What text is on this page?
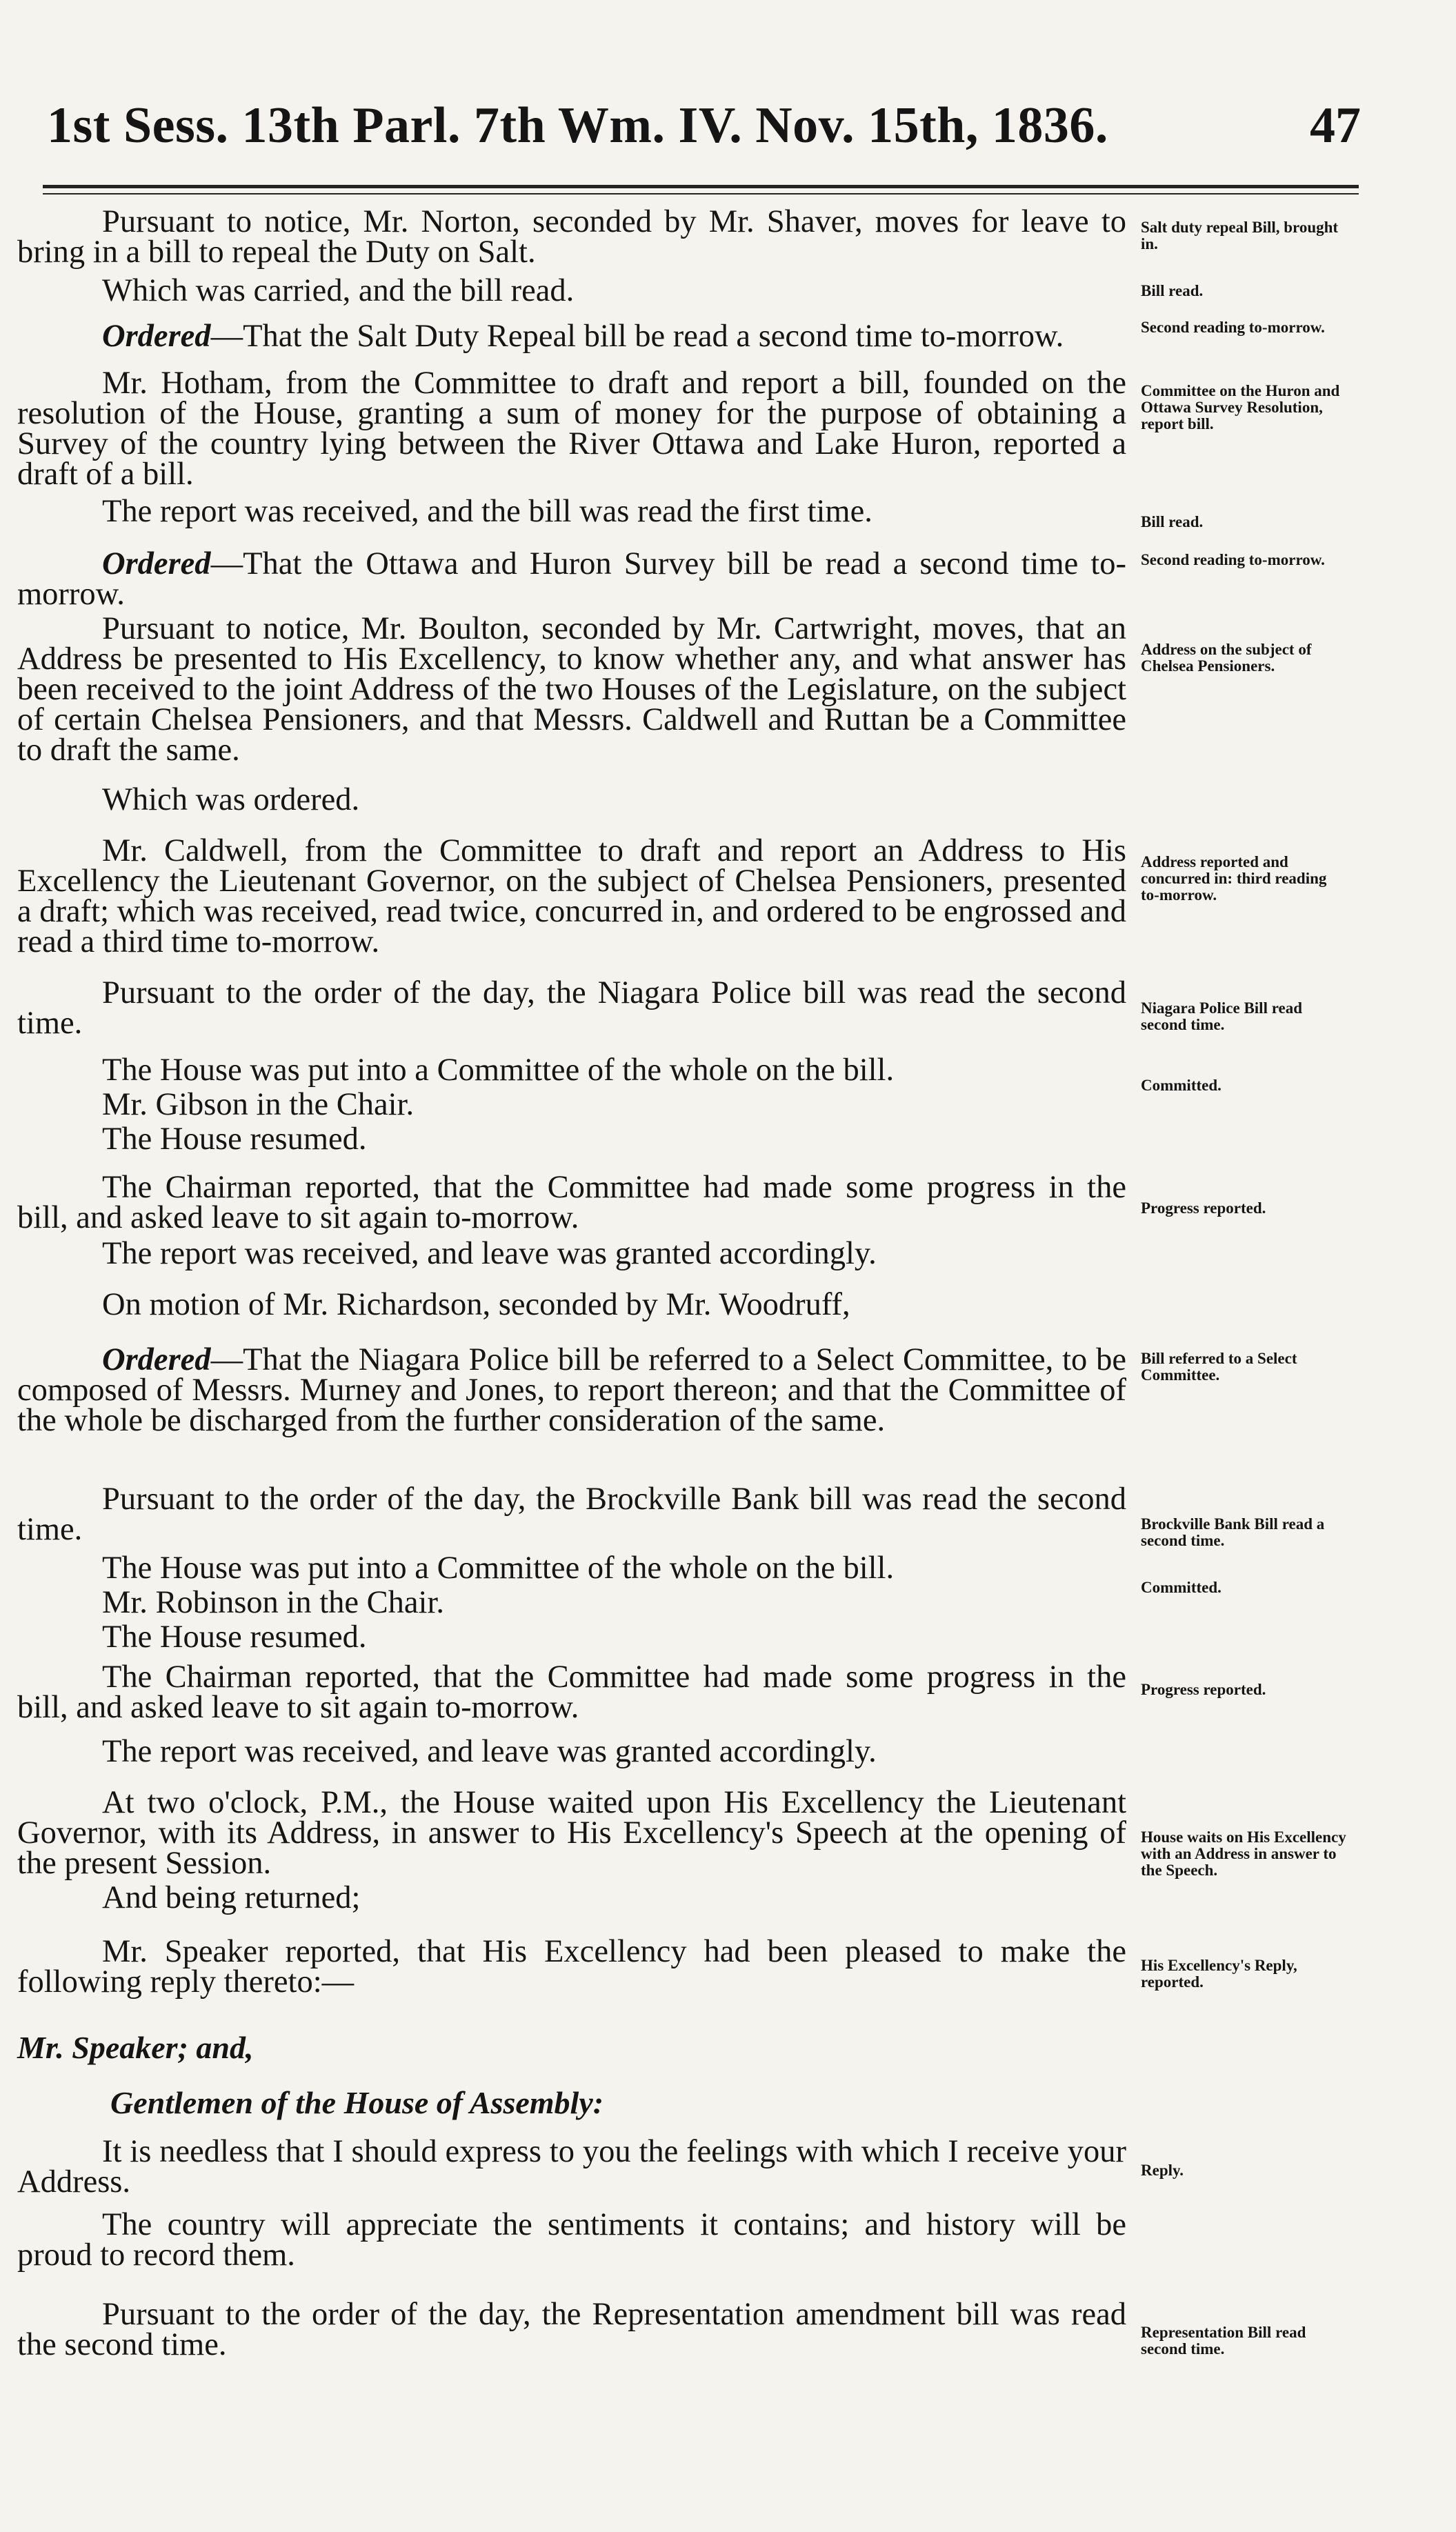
1st Sess. 13th Parl. 7th Wm. IV. Nov. 15th, 1836.	47
Pursuant to notice, Mr. Norton, seconded by Mr. Shaver, moves for leave to bring in a bill to repeal the Duty on Salt.
Salt duty repeal Bill, brought in.
Which was carried, and the bill read.	Bill read.
Ordered—That the Salt Duty Repeal bill be read a second time to-morrow.	Second reading to-morrow.
Mr. Hotham, from the Committee to draft and report a bill, founded on the resolution of the House, granting a sum of money for the purpose of obtaining a Survey of the country lying between the River Ottawa and Lake Huron, reported a draft of a bill.
Committee on the Huron and Ottawa Survey Resolution, report bill.
The report was received, and the bill was read the first time.	Bill read.
Ordered—That the Ottawa and Huron Survey bill be read a second time to-morrow.
Second reading to-morrow.
Pursuant to notice, Mr. Boulton, seconded by Mr. Cartwright, moves, that an Address be presented to His Excellency, to know whether any, and what answer has been received to the joint Address of the two Houses of the Legislature, on the subject of certain Chelsea Pensioners, and that Messrs. Caldwell and Ruttan be a Committee to draft the same.
Address on the subject of Chelsea Pensioners.
Which was ordered.
Mr. Caldwell, from the Committee to draft and report an Address to His Excellency the Lieutenant Governor, on the subject of Chelsea Pensioners, presented a draft; which was received, read twice, concurred in, and ordered to be engrossed and read a third time to-morrow.
Address reported and concurred in: third reading to-morrow.
Pursuant to the order of the day, the Niagara Police bill was read the second time.	Niagara Police Bill read second time.
The House was put into a Committee of the whole on the bill.	Committed.
Mr. Gibson in the Chair.
The House resumed.
The Chairman reported, that the Committee had made some progress in the bill, and asked leave to sit again to-morrow.	Progress reported.
The report was received, and leave was granted accordingly.
On motion of Mr. Richardson, seconded by Mr. Woodruff,
Ordered—That the Niagara Police bill be referred to a Select Committee, to be composed of Messrs. Murney and Jones, to report thereon; and that the Committee of the whole be discharged from the further consideration of the same.
Bill referred to a Select Committee.
Pursuant to the order of the day, the Brockville Bank bill was read the second time.	Brockville Bank Bill read a second time.
The House was put into a Committee of the whole on the bill.
Committed.
Mr. Robinson in the Chair.
The House resumed.
The Chairman reported, that the Committee had made some progress in the bill, and asked leave to sit again to-morrow.
Progress reported.
The report was received, and leave was granted accordingly.
At two o'clock, P.M., the House waited upon His Excellency the Lieutenant Governor, with its Address, in answer to His Excellency's Speech at the opening of the present Session.
House waits on His Excellency with an Address in answer to the Speech.
And being returned;
Mr. Speaker reported, that His Excellency had been pleased to make the following reply thereto:—	His Excellency's Reply, reported.
Mr. Speaker; and,
Gentlemen of the House of Assembly:
It is needless that I should express to you the feelings with which I receive your Address.	Reply.
The country will appreciate the sentiments it contains; and history will be proud to record them.
Pursuant to the order of the day, the Representation amendment bill was read the second time.	Representation Bill read second time.
